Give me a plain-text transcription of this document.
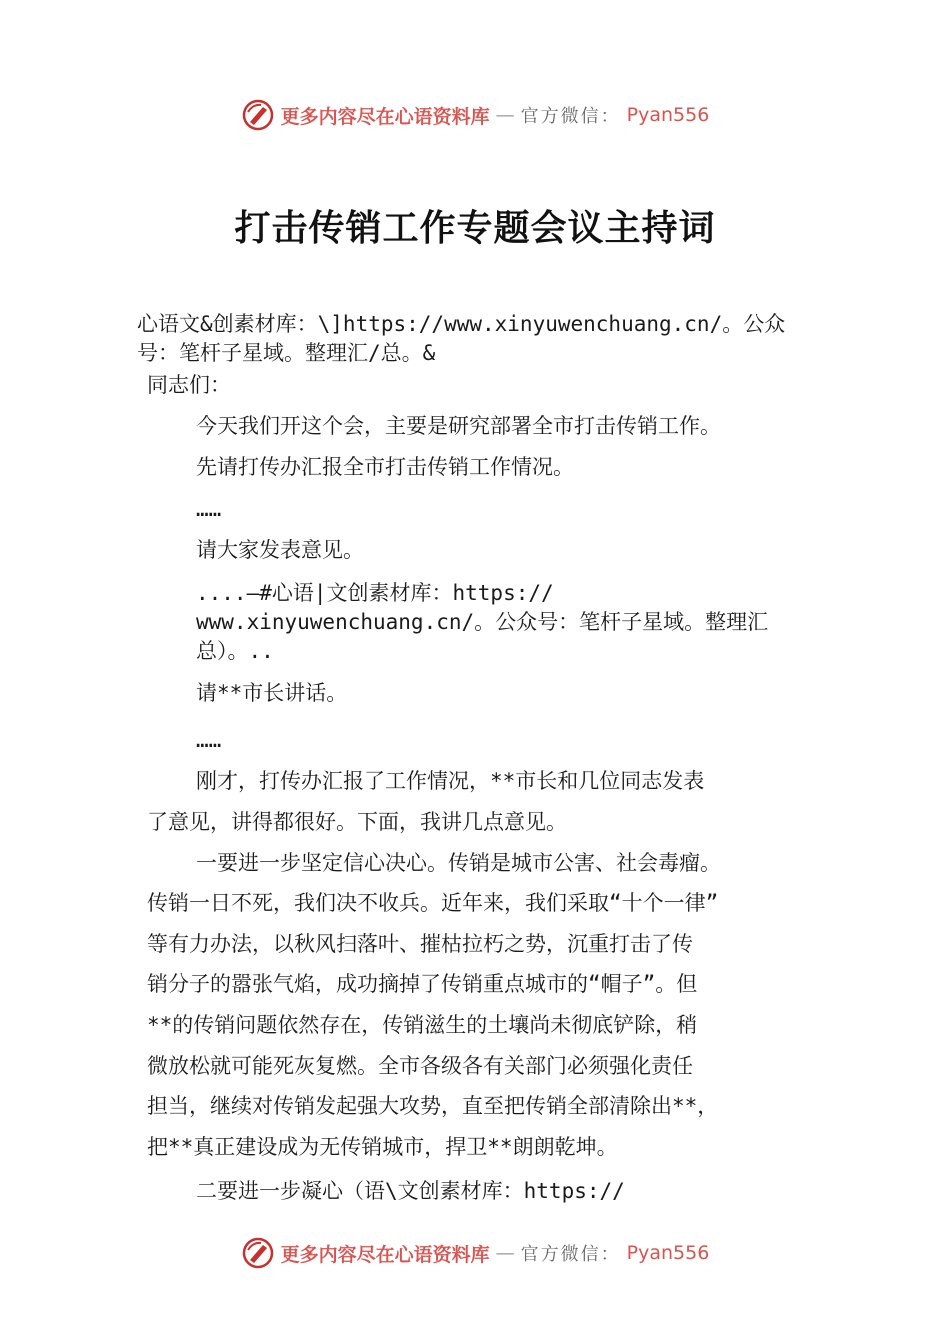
更多内容尽在心语资料库 — 官方微信： Pyan556
打击传销工作专题会议主持词
心语文&创素材库：\]https://www.xinyuwenchuang.cn/。公众
号：笔杆子星域。整理汇/总。&
同志们：
今天我们开这个会，主要是研究部署全市打击传销工作。
先请打传办汇报全市打击传销工作情况。
……
请大家发表意见。
....—#心语|文创素材库：https://
www.xinyuwenchuang.cn/。公众号：笔杆子星域。整理汇
总）。..
请**市长讲话。
……
刚才，打传办汇报了工作情况，**市长和几位同志发表
了意见，讲得都很好。下面，我讲几点意见。
一要进一步坚定信心决心。传销是城市公害、社会毒瘤。
传销一日不死，我们决不收兵。近年来，我们采取“十个一律”
等有力办法，以秋风扫落叶、摧枯拉朽之势，沉重打击了传
销分子的嚣张气焰，成功摘掉了传销重点城市的“帽子”。但
**的传销问题依然存在，传销滋生的土壤尚未彻底铲除，稍
微放松就可能死灰复燃。全市各级各有关部门必须强化责任
担当，继续对传销发起强大攻势，直至把传销全部清除出**，
把**真正建设成为无传销城市，捍卫**朗朗乾坤。
二要进一步凝心（语\文创素材库：https://
更多内容尽在心语资料库 — 官方微信： Pyan556
